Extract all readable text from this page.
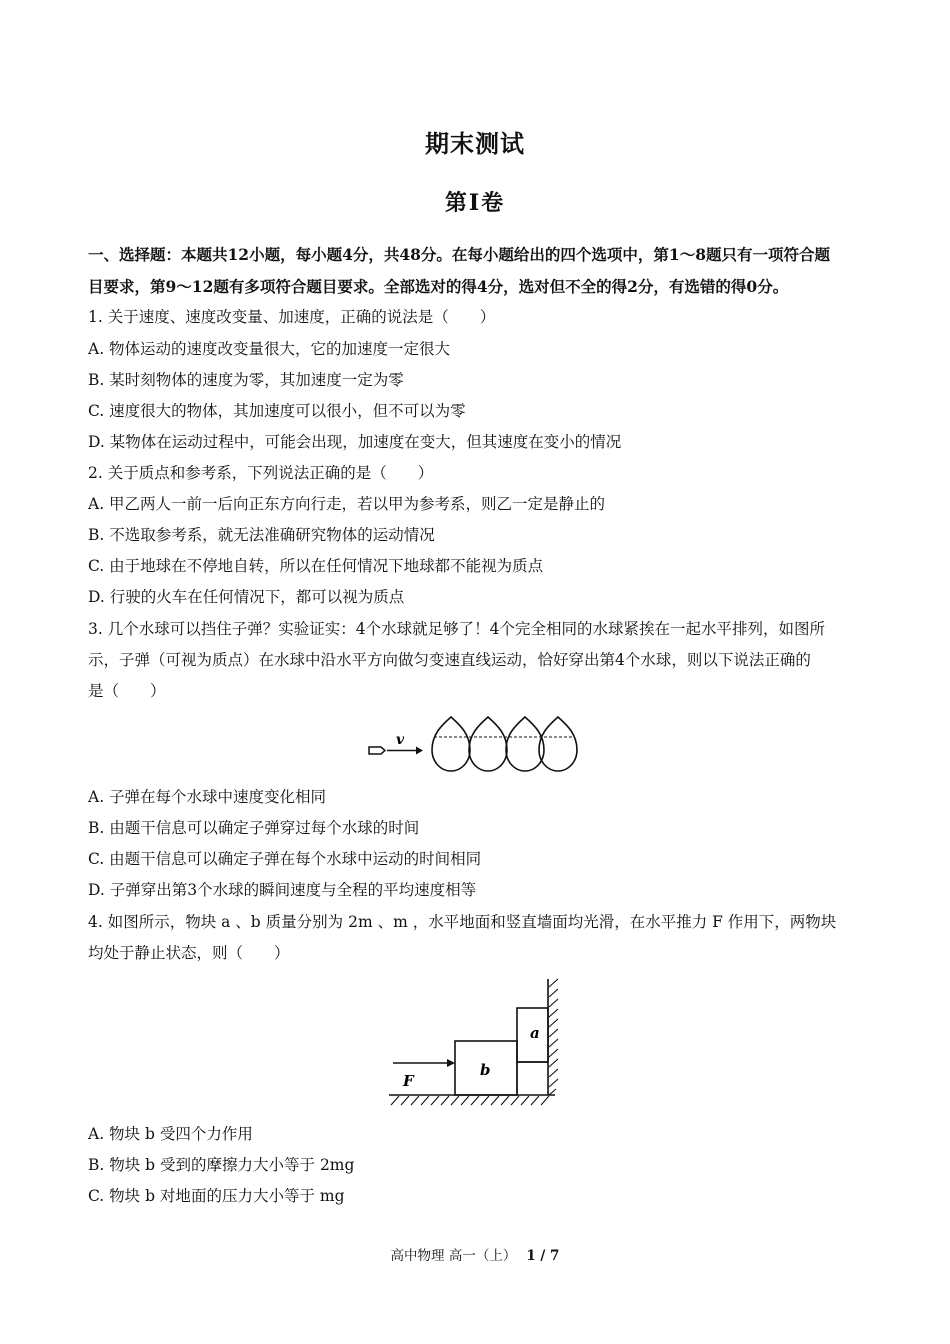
期末测试
第Ⅰ卷
一、选择题：本题共12小题，每小题4分，共48分。在每小题给出的四个选项中，第1～8题只有一项符合题
目要求，第9～12题有多项符合题目要求。全部选对的得4分，选对但不全的得2分，有选错的得0分。
1. 关于速度、速度改变量、加速度，正确的说法是（　　）
A. 物体运动的速度改变量很大，它的加速度一定很大
B. 某时刻物体的速度为零，其加速度一定为零
C. 速度很大的物体，其加速度可以很小，但不可以为零
D. 某物体在运动过程中，可能会出现，加速度在变大，但其速度在变小的情况
2. 关于质点和参考系，下列说法正确的是（　　）
A. 甲乙两人一前一后向正东方向行走，若以甲为参考系，则乙一定是静止的
B. 不选取参考系，就无法准确研究物体的运动情况
C. 由于地球在不停地自转，所以在任何情况下地球都不能视为质点
D. 行驶的火车在任何情况下，都可以视为质点
3. 几个水球可以挡住子弹？实验证实：4个水球就足够了！4个完全相同的水球紧挨在一起水平排列，如图所
示，子弹（可视为质点）在水球中沿水平方向做匀变速直线运动，恰好穿出第4个水球，则以下说法正确的
是（　　）
v
A. 子弹在每个水球中速度变化相同
B. 由题干信息可以确定子弹穿过每个水球的时间
C. 由题干信息可以确定子弹在每个水球中运动的时间相同
D. 子弹穿出第3个水球的瞬间速度与全程的平均速度相等
4. 如图所示，物块 a 、b 质量分别为 2m 、m ，水平地面和竖直墙面均光滑，在水平推力 F 作用下，两物块
均处于静止状态，则（　　）
F
b
a
A. 物块 b 受四个力作用
B. 物块 b 受到的摩擦力大小等于 2mg
C. 物块 b 对地面的压力大小等于 mg
高中物理 高一（上） 1 / 7
